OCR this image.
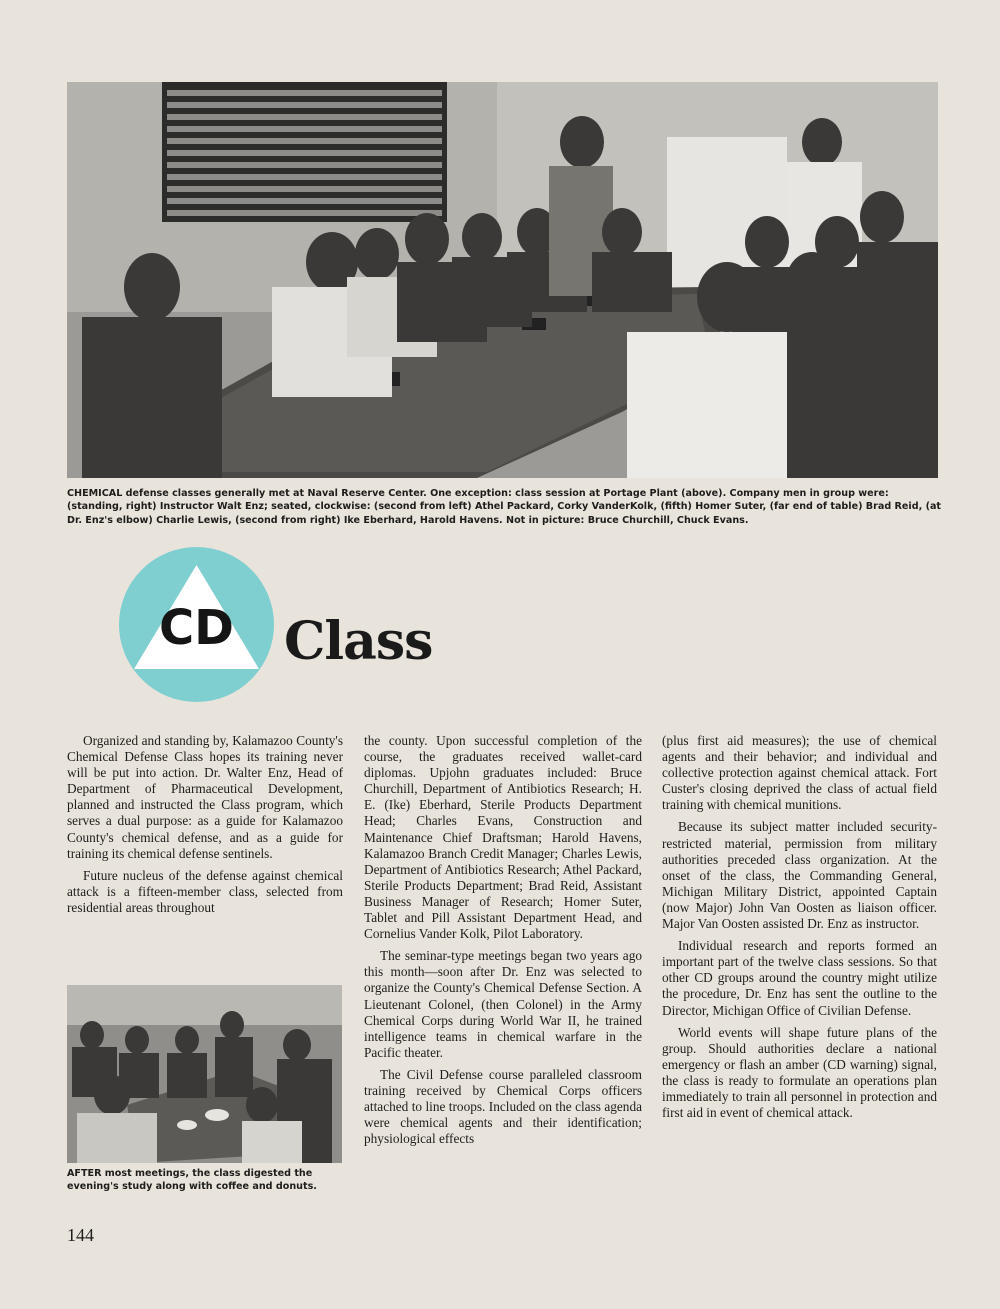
CHEMICAL defense classes generally met at Naval Reserve Center. One exception: class session at Portage Plant (above). Company men in group were: (standing, right) Instructor Walt Enz; seated, clockwise: (second from left) Athel Packard, Corky VanderKolk, (fifth) Homer Suter, (far end of table) Brad Reid, (at Dr. Enz's elbow) Charlie Lewis, (second from right) Ike Eberhard, Harold Havens. Not in picture: Bruce Churchill, Chuck Evans.

CD Class

Organized and standing by, Kalamazoo County's Chemical Defense Class hopes its training never will be put into action. Dr. Walter Enz, Head of Department of Pharmaceutical Development, planned and instructed the Class program, which serves a dual purpose: as a guide for Kalamazoo County's chemical defense, and as a guide for training its chemical defense sentinels.

Future nucleus of the defense against chemical attack is a fifteen-member class, selected from residential areas throughout

the county. Upon successful completion of the course, the graduates received wallet-card diplomas. Upjohn graduates included: Bruce Churchill, Department of Antibiotics Research; H. E. (Ike) Eberhard, Sterile Products Department Head; Charles Evans, Construction and Maintenance Chief Draftsman; Harold Havens, Kalamazoo Branch Credit Manager; Charles Lewis, Department of Antibiotics Research; Athel Packard, Sterile Products Department; Brad Reid, Assistant Business Manager of Research; Homer Suter, Tablet and Pill Assistant Department Head, and Cornelius Vander Kolk, Pilot Laboratory.

The seminar-type meetings began two years ago this month—soon after Dr. Enz was selected to organize the County's Chemical Defense Section. A Lieutenant Colonel, (then Colonel) in the Army Chemical Corps during World War II, he trained intelligence teams in chemical warfare in the Pacific theater.

The Civil Defense course paralleled classroom training received by Chemical Corps officers attached to line troops. Included on the class agenda were chemical agents and their identification; physiological effects

(plus first aid measures); the use of chemical agents and their behavior; and individual and collective protection against chemical attack. Fort Custer's closing deprived the class of actual field training with chemical munitions.

Because its subject matter included security-restricted material, permission from military authorities preceded class organization. At the onset of the class, the Commanding General, Michigan Military District, appointed Captain (now Major) John Van Oosten as liaison officer. Major Van Oosten assisted Dr. Enz as instructor.

Individual research and reports formed an important part of the twelve class sessions. So that other CD groups around the country might utilize the procedure, Dr. Enz has sent the outline to the Director, Michigan Office of Civilian Defense.

World events will shape future plans of the group. Should authorities declare a national emergency or flash an amber (CD warning) signal, the class is ready to formulate an operations plan immediately to train all personnel in protection and first aid in event of chemical attack.

AFTER most meetings, the class digested the evening's study along with coffee and donuts.

144
